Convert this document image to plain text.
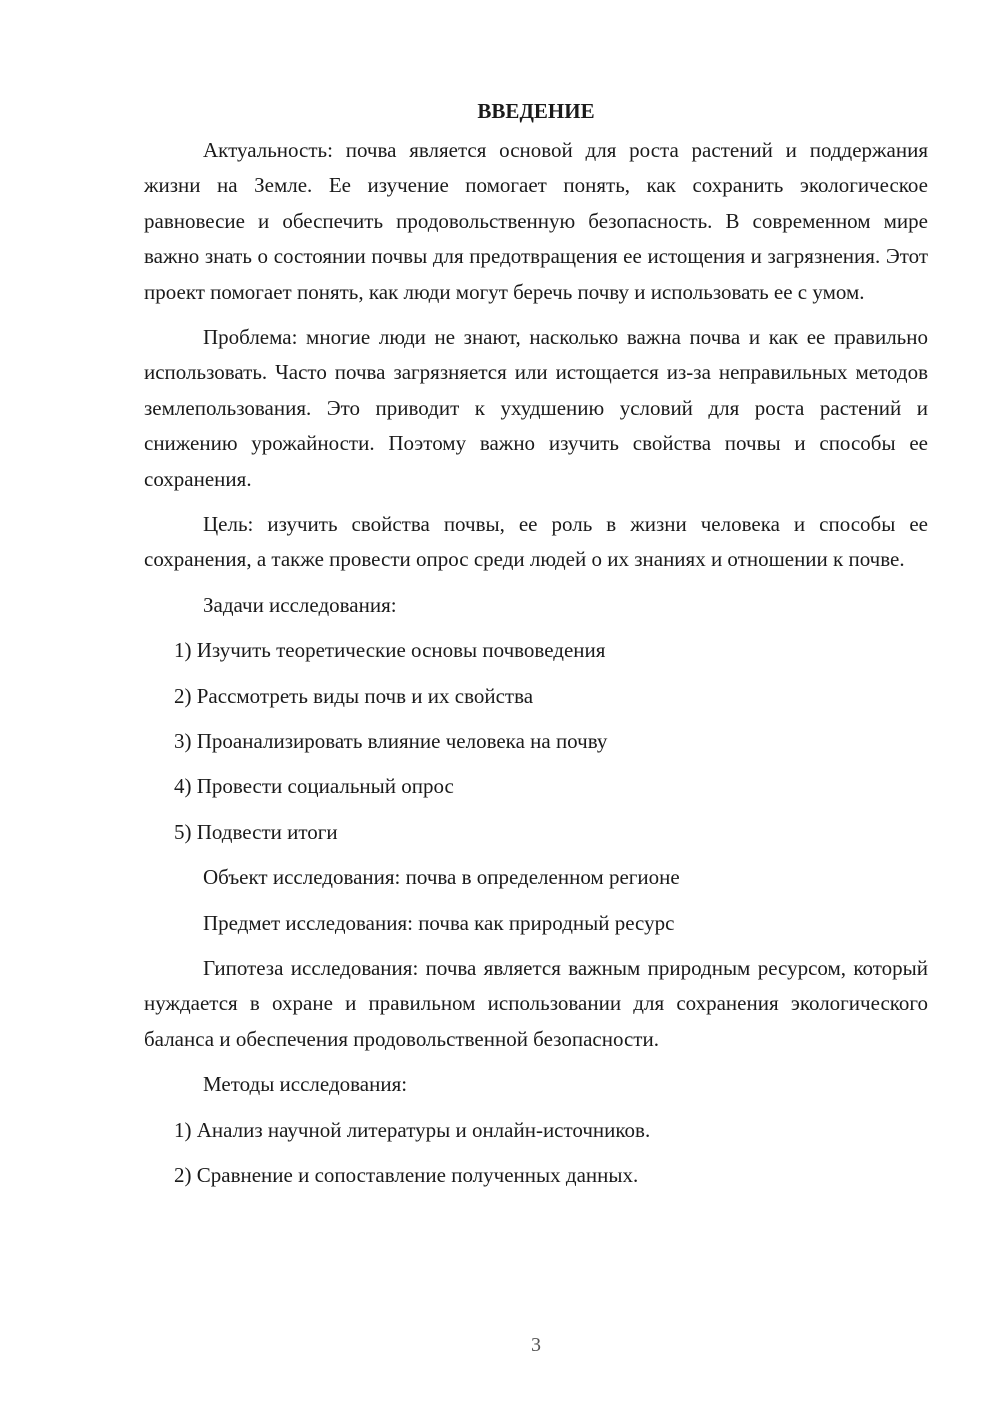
ВВЕДЕНИЕ

Актуальность: почва является основой для роста растений и поддержания жизни на Земле. Ее изучение помогает понять, как сохранить экологическое равновесие и обеспечить продовольственную безопасность. В современном мире важно знать о состоянии почвы для предотвращения ее истощения и загрязнения. Этот проект помогает понять, как люди могут беречь почву и использовать ее с умом.

Проблема: многие люди не знают, насколько важна почва и как ее правильно использовать. Часто почва загрязняется или истощается из-за неправильных методов землепользования. Это приводит к ухудшению условий для роста растений и снижению урожайности. Поэтому важно изучить свойства почвы и способы ее сохранения.

Цель: изучить свойства почвы, ее роль в жизни человека и способы ее сохранения, а также провести опрос среди людей о их знаниях и отношении к почве.

Задачи исследования:
1) Изучить теоретические основы почвоведения
2) Рассмотреть виды почв и их свойства
3) Проанализировать влияние человека на почву
4) Провести социальный опрос
5) Подвести итоги
Объект исследования: почва в определенном регионе
Предмет исследования: почва как природный ресурс

Гипотеза исследования: почва является важным природным ресурсом, который нуждается в охране и правильном использовании для сохранения экологического баланса и обеспечения продовольственной безопасности.

Методы исследования:
1) Анализ научной литературы и онлайн-источников.
2) Сравнение и сопоставление полученных данных.
3
